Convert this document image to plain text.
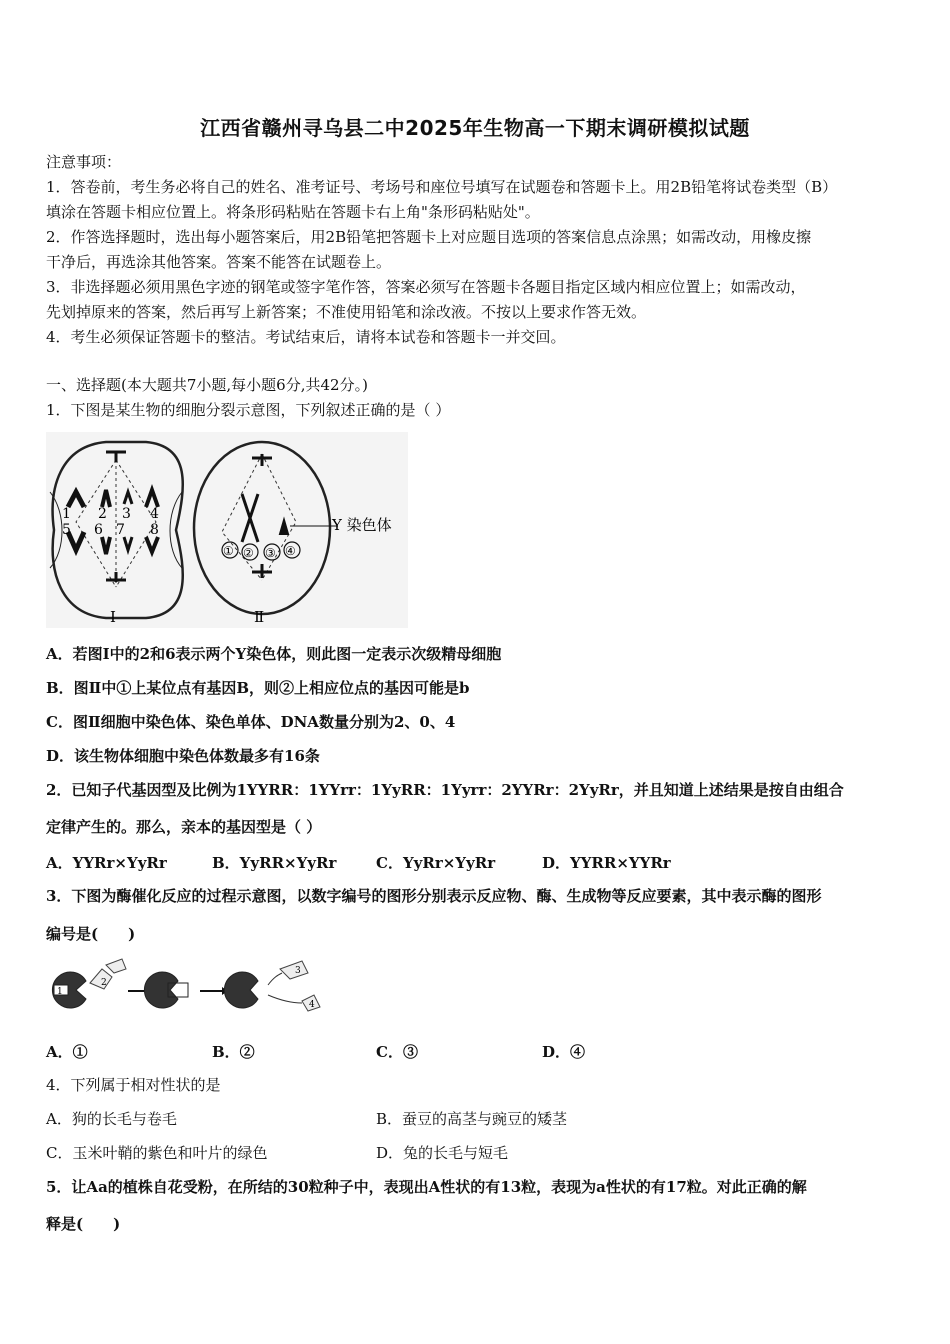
江西省赣州寻乌县二中2025年生物高一下期末调研模拟试题
注意事项：
1．答卷前，考生务必将自己的姓名、准考证号、考场号和座位号填写在试题卷和答题卡上。用2B铅笔将试卷类型（B）
填涂在答题卡相应位置上。将条形码粘贴在答题卡右上角"条形码粘贴处"。
2．作答选择题时，选出每小题答案后，用2B铅笔把答题卡上对应题目选项的答案信息点涂黑；如需改动，用橡皮擦
干净后，再选涂其他答案。答案不能答在试题卷上。
3．非选择题必须用黑色字迹的钢笔或签字笔作答，答案必须写在答题卡各题目指定区域内相应位置上；如需改动，
先划掉原来的答案，然后再写上新答案；不准使用铅笔和涂改液。不按以上要求作答无效。
4．考生必须保证答题卡的整洁。考试结束后，请将本试卷和答题卡一并交回。
一、选择题(本大题共7小题,每小题6分,共42分。)
1．下图是某生物的细胞分裂示意图，下列叙述正确的是（ ）
1 2 3 4
5 6 7 8
Ⅰ
① ② ③ ④
Y 染色体
Ⅱ
A．若图Ⅰ中的2和6表示两个Y染色体，则此图一定表示次级精母细胞
B．图Ⅱ中①上某位点有基因B，则②上相应位点的基因可能是b
C．图Ⅱ细胞中染色体、染色单体、DNA数量分别为2、0、4
D．该生物体细胞中染色体数最多有16条
2．已知子代基因型及比例为1YYRR：1YYrr：1YyRR：1Yyrr：2YYRr：2YyRr，并且知道上述结果是按自由组合
定律产生的。那么，亲本的基因型是（ ）
A．YYRr×YyRr	B．YyRR×YyRr	C．YyRr×YyRr	D．YYRR×YYRr
3．下图为酶催化反应的过程示意图，以数字编号的图形分别表示反应物、酶、生成物等反应要素，其中表示酶的图形
编号是(　　)
1
2
3
4
A．①	B．②	C．③	D．④
4．下列属于相对性状的是
A．狗的长毛与卷毛	B．蚕豆的高茎与豌豆的矮茎
C．玉米叶鞘的紫色和叶片的绿色	D．兔的长毛与短毛
5．让Aa的植株自花受粉，在所结的30粒种子中，表现出A性状的有13粒，表现为a性状的有17粒。对此正确的解
释是(　　)
